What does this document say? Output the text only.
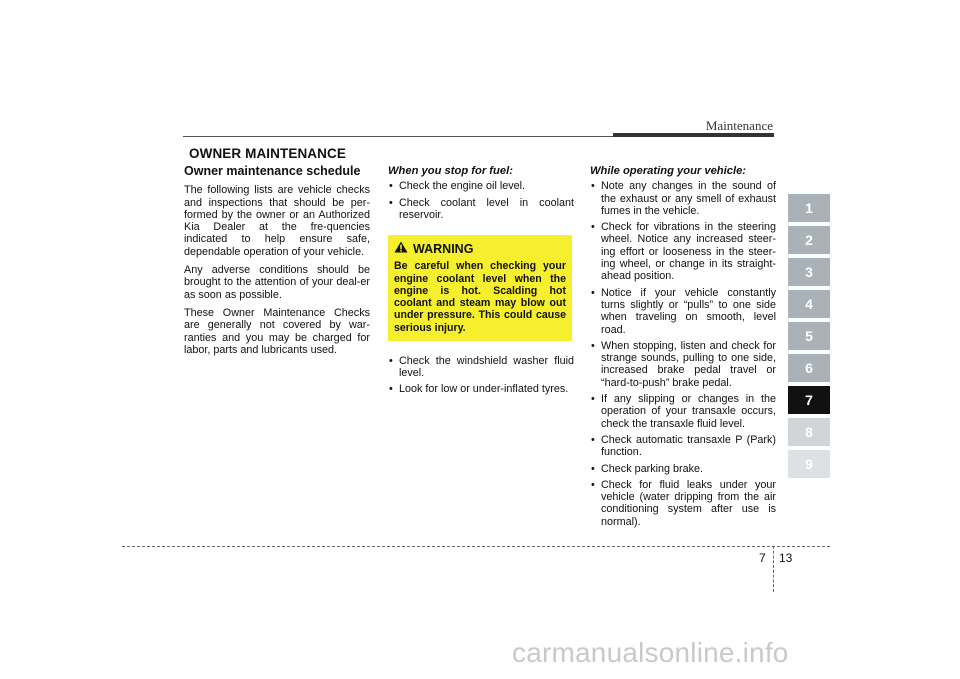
Maintenance
OWNER MAINTENANCE
Owner maintenance schedule

The following lists are vehicle checks and inspections that should be per-formed by the owner or an Authorized Kia Dealer at the fre-quencies indicated to help ensure safe, dependable operation of your vehicle.

Any adverse conditions should be brought to the attention of your deal-er as soon as possible.

These Owner Maintenance Checks are generally not covered by war-ranties and you may be charged for labor, parts and lubricants used.

When you stop for fuel:
• Check the engine oil level.
• Check coolant level in coolant reservoir.
WARNING
Be careful when checking your engine coolant level when the engine is hot. Scalding hot coolant and steam may blow out under pressure. This could cause serious injury.
• Check the windshield washer fluid level.
• Look for low or under-inflated tyres.
While operating your vehicle:
• Note any changes in the sound of the exhaust or any smell of exhaust fumes in the vehicle.
• Check for vibrations in the steering wheel. Notice any increased steer-ing effort or looseness in the steer-ing wheel, or change in its straight-ahead position.
• Notice if your vehicle constantly turns slightly or “pulls” to one side when traveling on smooth, level road.
• When stopping, listen and check for strange sounds, pulling to one side, increased brake pedal travel or “hard-to-push” brake pedal.
• If any slipping or changes in the operation of your transaxle occurs, check the transaxle fluid level.
• Check automatic transaxle P (Park) function.
• Check parking brake.
• Check for fluid leaks under your vehicle (water dripping from the air conditioning system after use is normal).
1
2
3
4
5
6
7
8
9
7 13
carmanualsonline.info
